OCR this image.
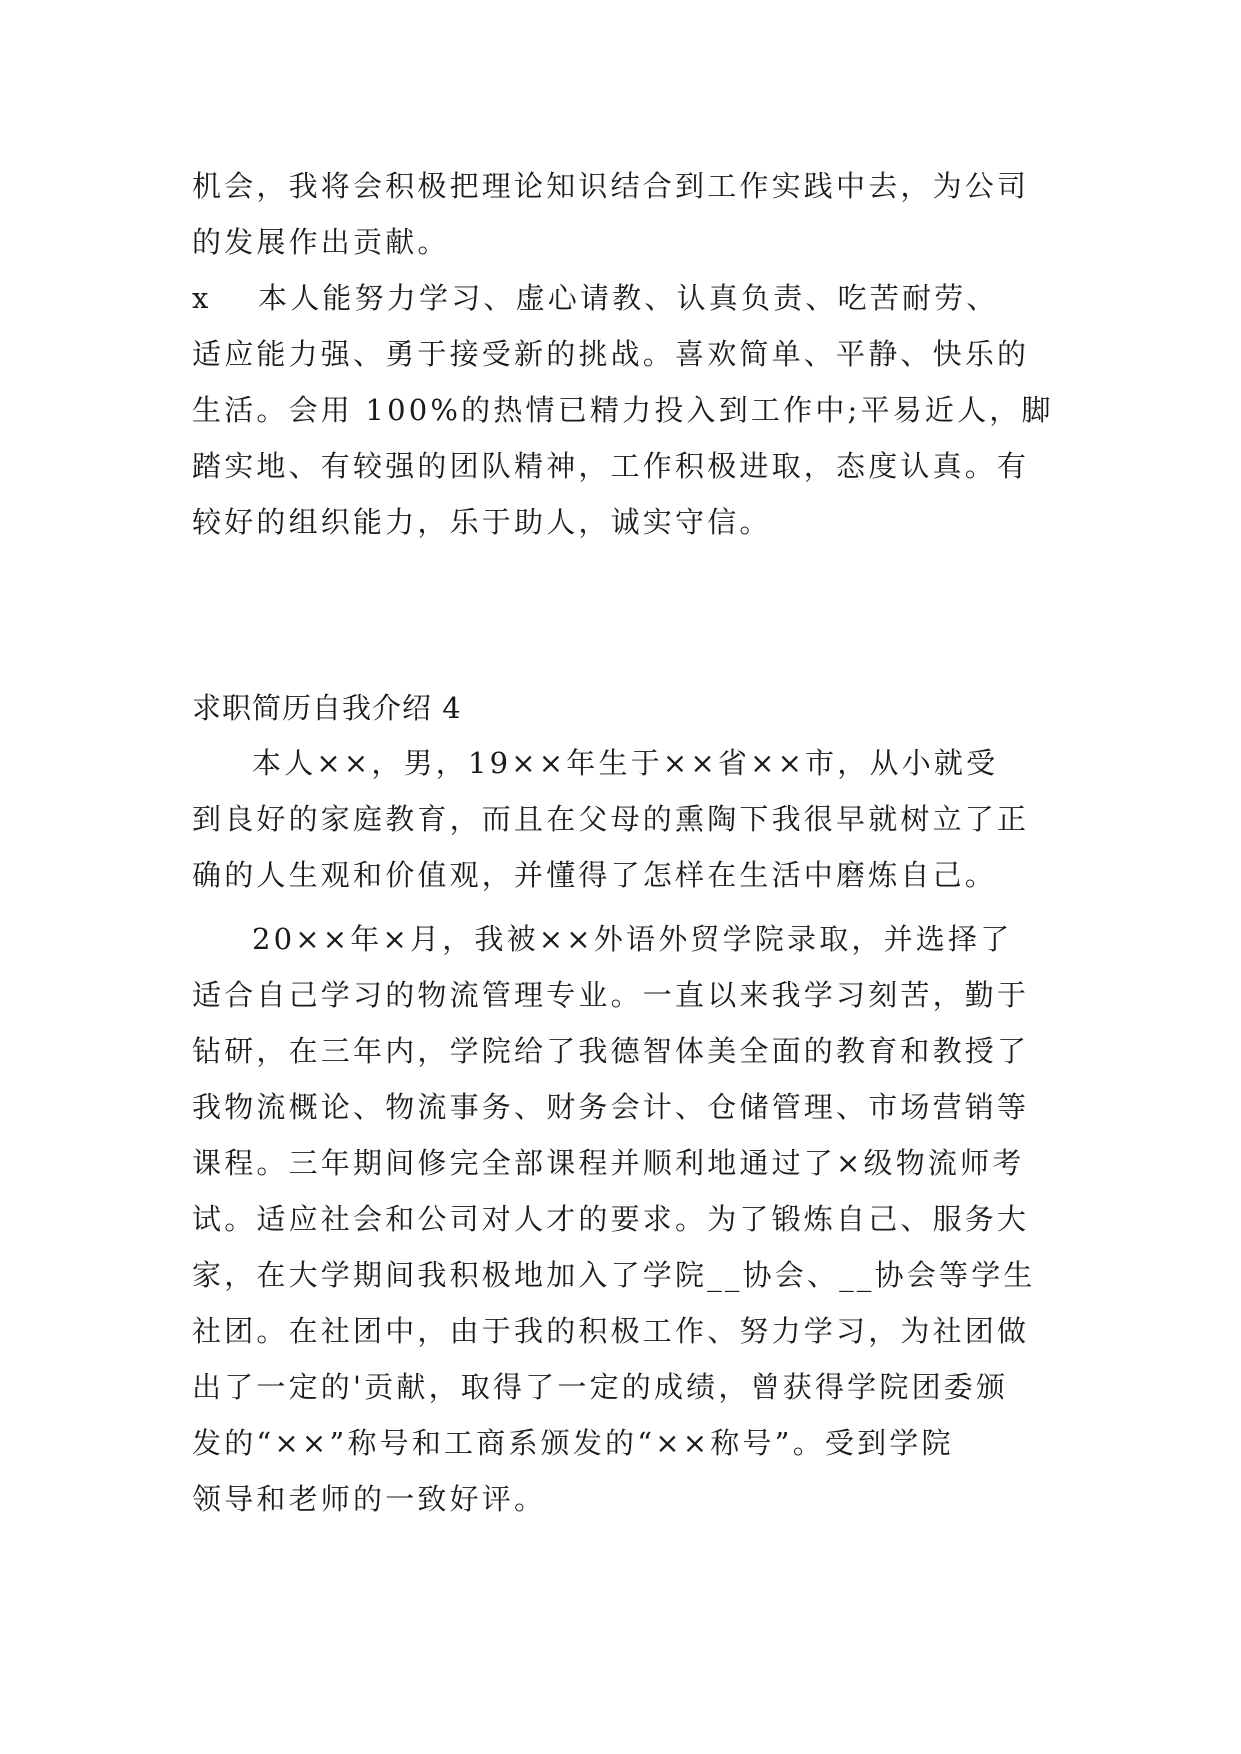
机会，我将会积极把理论知识结合到工作实践中去，为公司
的发展作出贡献。
x 本人能努力学习、虚心请教、认真负责、吃苦耐劳、
适应能力强、勇于接受新的挑战。喜欢简单、平静、快乐的
生活。会用 100%的热情已精力投入到工作中;平易近人，脚
踏实地、有较强的团队精神，工作积极进取，态度认真。有
较好的组织能力，乐于助人，诚实守信。
求职简历自我介绍 4
本人××，男，19××年生于××省××市，从小就受
到良好的家庭教育，而且在父母的熏陶下我很早就树立了正
确的人生观和价值观，并懂得了怎样在生活中磨炼自己。
20××年×月，我被××外语外贸学院录取，并选择了
适合自己学习的物流管理专业。一直以来我学习刻苦，勤于
钻研，在三年内，学院给了我德智体美全面的教育和教授了
我物流概论、物流事务、财务会计、仓储管理、市场营销等
课程。三年期间修完全部课程并顺利地通过了×级物流师考
试。适应社会和公司对人才的要求。为了锻炼自己、服务大
家，在大学期间我积极地加入了学院__协会、__协会等学生
社团。在社团中，由于我的积极工作、努力学习，为社团做
出了一定的'贡献，取得了一定的成绩，曾获得学院团委颁
发的“××”称号和工商系颁发的“××称号”。受到学院
领导和老师的一致好评。
